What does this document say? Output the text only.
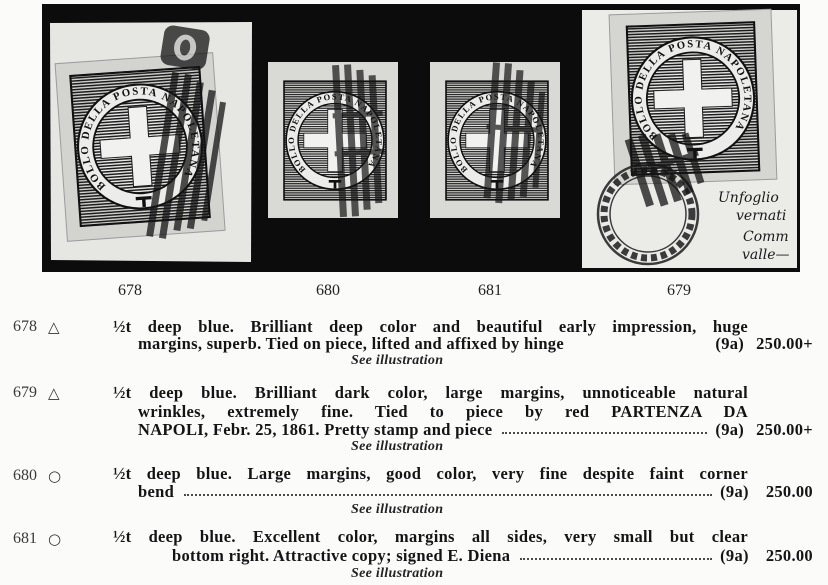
Unfoglio
vernati
Comm
valle—
678	680	681	679
678 △	½t deep blue. Brilliant deep color and beautiful early impression, huge
margins, superb. Tied on piece, lifted and affixed by hinge	(9a) 250.00+
See illustration
679 △	½t deep blue. Brilliant dark color, large margins, unnoticeable natural
wrinkles, extremely fine. Tied to piece by red PARTENZA DA
NAPOLI, Febr. 25, 1861. Pretty stamp and piece	(9a) 250.00+
See illustration
680 ○	½t deep blue. Large margins, good color, very fine despite faint corner
bend	(9a) 250.00
See illustration
681 ○	½t deep blue. Excellent color, margins all sides, very small but clear
bottom right. Attractive copy; signed E. Diena	(9a) 250.00
See illustration
